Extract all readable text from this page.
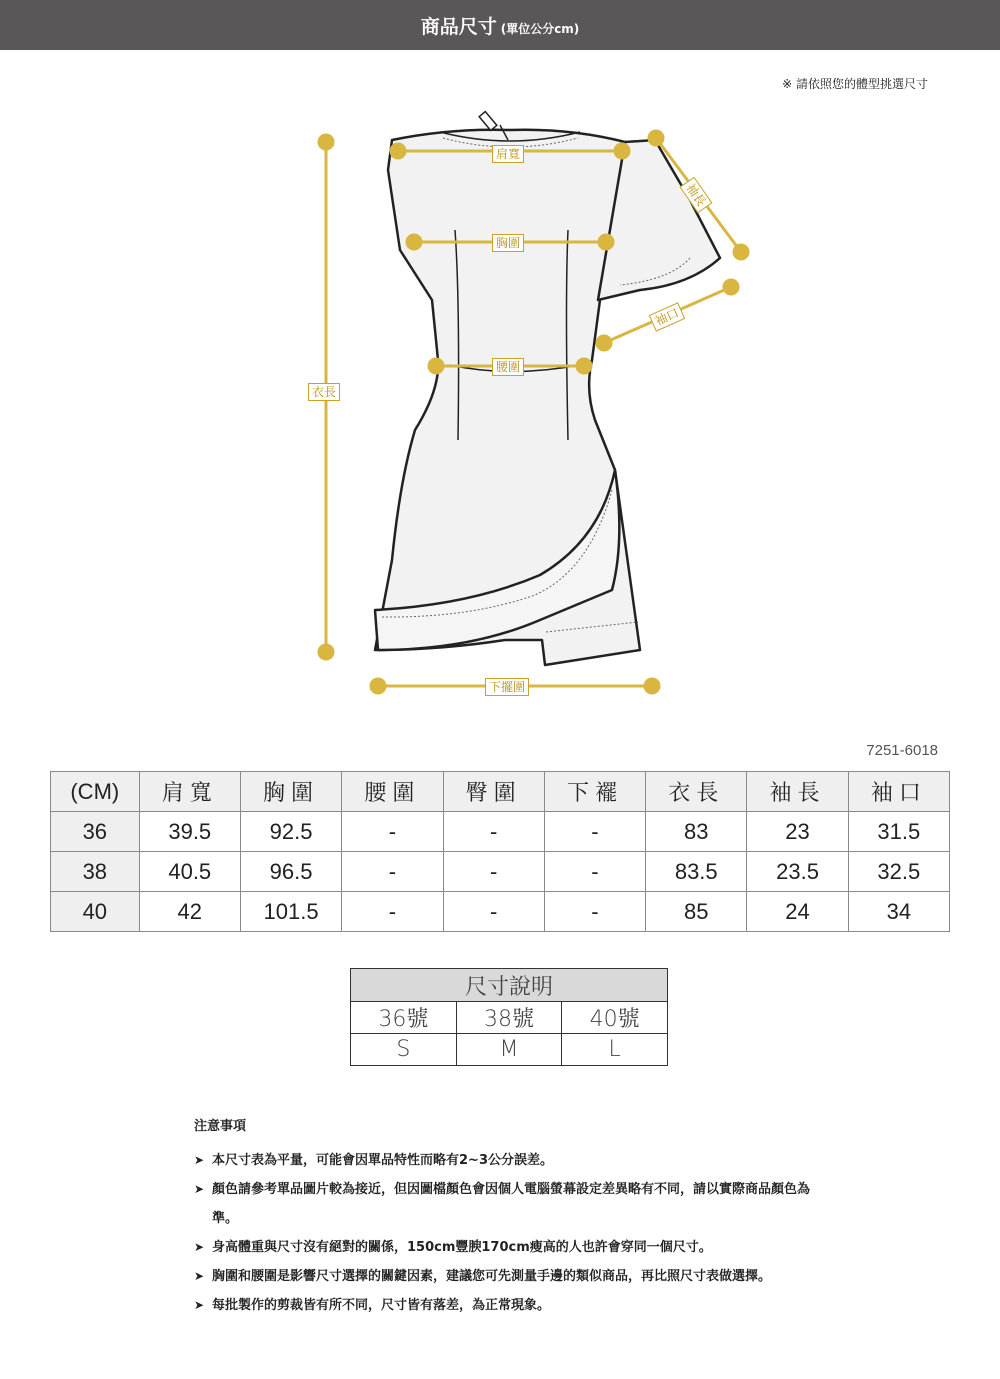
商品尺寸 (單位公分cm)
※ 請依照您的體型挑選尺寸
肩寬
胸圍
腰圍
衣長
袖長
袖口
下擺圍
7251-6018
(CM)	肩寬	胸圍	腰圍	臀圍	下襬	衣長	袖長	袖口
36	39.5	92.5	-	-	-	83	23	31.5
38	40.5	96.5	-	-	-	83.5	23.5	32.5
40	42	101.5	-	-	-	85	24	34
尺寸說明		
36號	38號	40號
S	M	L
注意事項
➤ 本尺寸表為平量，可能會因單品特性而略有2~3公分誤差。
➤ 顏色請參考單品圖片較為接近，但因圖檔顏色會因個人電腦螢幕設定差異略有不同，請以實際商品顏色為準。
➤ 身高體重與尺寸沒有絕對的關係，150cm豐腴170cm瘦高的人也許會穿同一個尺寸。
➤ 胸圍和腰圍是影響尺寸選擇的關鍵因素，建議您可先測量手邊的類似商品，再比照尺寸表做選擇。
➤ 每批製作的剪裁皆有所不同，尺寸皆有落差，為正常現象。
